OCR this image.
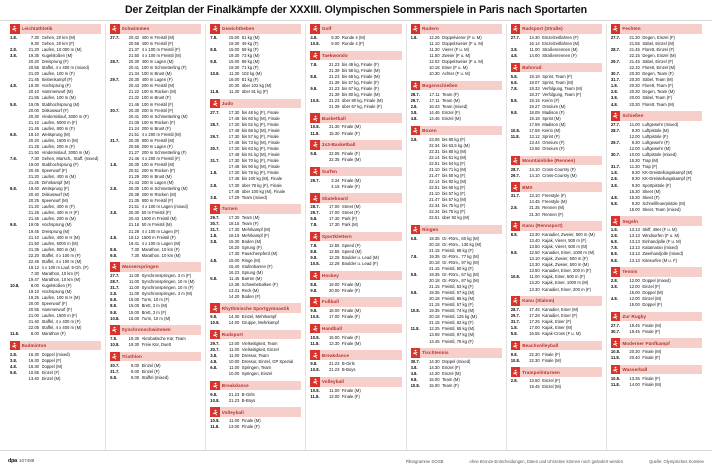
Der Zeitplan der Finalkämpfe der XXXIII. Olympischen Sommerspiele in Paris nach Sportarten
Leichtathletik
1.8.	7.30 Gehen, 20 km (M)
9.30 Gehen, 20 km (F)
2.8.	21.20 Laufen, 10 000 m (M)
3.8.	19.35 Kugelstoßen (M)
20.20 Dreisprung (F)
20.55 Staffel, 4 x 400 m (mixed)
21.20 Laufen, 100 m (F)
21.45 Siebenkampf (F)
4.8.	19.30 Hochsprung (F)
20.10 Hammerwurf (M)
21.55 Laufen, 100 m (M)
5.8.	19.05 Stabhochsprung (M)
20.00 Diskuswurf (F)
20.30 Hindernislauf, 3000 m (F)
21.10 Laufen, 5000 m (F)
21.45 Laufen, 800 m (F)
6.8.	19.10 Weitsprung (M)
20.20 Laufen, 1500 m (M)
21.25 Laufen, 200 m (F)
21.50 Hindernislauf, 3000 m (M)
7.8.	7.30 Gehen, Marsch., Staff. (mixed)
19.00 Stabhochsprung (F)
20.45 Speerwurf (F)
21.20 Laufen, 400 m (M)
21.45 Zehnkampf (M)
8.8.	19.40 Weitsprung (F)
20.40 Diskuswurf (M)
20.25 Speerwurf (M)
21.20 Laufen, 400 m (F)
21.25 Laufen, 400 m H (F)
21.45 Laufen, 200 m (M)
9.8.	19.05 Hochsprung (M)
19.45 Dreisprung (M)
21.10 Laufen, 400 m H (M)
21.50 Laufen, 5000 m (M)
21.35 Laufen, 800 m (M)
22.20 Staffel, 4 x 100 m (F)
22.45 Staffel, 4 x 100 m (M)
19.12 4 x 100 m Lauf, 5-Gh. (F)
7.30 Marathon, 10 km (F)
19.47 Marathon, 10 km (M)
10.8.	8.00 Kugelstoßen (F)
19.10 Hochsprung (M)
19.25 Laufen, 100 m H (M)
20.00 Speerwurf (F)
20.55 Hammerwurf (F)
21.00 Laufen, 1500 m (F)
21.40 Staffel, 4 x 400 m (F)
22.05 Staffel, 4 x 400 m (M)
11.8.	8.00 Marathon (F)
Badminton
2.8.	16.30 Doppel (mixed)
3.8.	16.30 Doppel (F)
4.8.	16.30 Doppel (M)
5.8.	10.55 Einzel (F)
13.40 Einzel (M)
Schwimmen
27.7.	20.42 400 m Freistil (M)
20.55 400 m Freistil (F)
21.37 4 x 100 m Freistil (F)
21.50 4 x 100 m Freistil (M)
28.7.	20.30 400 m Lagen (M)
20.41 100 m Schmetterling (F)
21.34 100 m Brust (M)
29.7.	20.30 400 m Lagen (F)
20.43 200 m Freistil (M)
21.22 100 m Rücken (M)
21.32 100 m Brust (F)
21.46 100 m Freistil (F)
30.7.	20.30 200 m Freistil (F)
20.41 200 m Schmetterling (M)
21.06 100 m Rücken (F)
21.24 200 m Brust (F)
21.51 4 x 200 m Freistil (M)
31.7.	20.30 800 m Freistil (M)
20.56 200 m Lagen (F)
21.27 200 m Schmetterling (F)
21.46 4 x 200 m Freistil (F)
1.8.	20.30 100 m Freistil (M)
20.51 200 m Rücken (F)
21.29 200 m Brust (M)
21.43 200 m Lagen (M)
2.8.	20.30 100 m Schmetterling (M)
20.39 200 m Rücken (M)
21.35 800 m Freistil (F)
21.51 4 x 100 m Lagen (mixed)
3.8.	20.30 50 m Freistil (F)
20.43 1500 m Freistil (M)
21.16 50 m Freistil (M)
21.28 4 x 100 m Lagen (F)
4.8.	19.12 1500 m Freistil (F)
19.41 4 x 100 m Lagen (M)
8.8.	7.30 Marathon, 10 km (F)
9.8.	7.30 Marathon, 10 km (M)
Wasserspringen
27.7.	11.00 Synchronspringen, 3 m (F)
28.7.	11.00 Synchronspringen, 10 m (M)
31.7.	11.00 Synchronspringen, 10 m (F)
2.8.	11.00 Synchronspringen, 3 m (M)
6.8.	15.00 Turm, 10 m (F)
8.8.	15.00 Brett, 3 m (M)
9.8.	15.00 Brett, 3 m (F)
10.8.	15.00 Turm, 10 m (M)
Synchronschwimmen
7.8.	19.30 Akrobatische Kür, Team
10.8.	19.30 Freie Kür, Duett
Triathlon
30.7.	8.00 Einzel (M)
31.7.	8.00 Einzel (F)
5.8.	8.00 Staffel (mixed)
Gewichtheben
7.8.	15.00 61 kg (M)
19.30 49 kg (F)
8.8.	15.00 59 kg (F)
19.30 73 kg (M)
9.8.	15.00 89 kg (M)
19.30 71 kg (F)
10.8.	11.30 102 kg (M)
16.00 81 kg (F)
20.30 über 102 kg (M)
11.8.	11.30 über 81 kg (F)
Judo
27.7.	17.30 bis 48 kg (F), Finale
17.48 bis 60 kg (M), Finale
28.7.	17.30 bis 52 kg (F), Finale
17.48 bis 66 kg (M), Finale
29.7.	17.30 bis 57 kg (F), Finale
17.48 bis 73 kg (M), Finale
30.7.	17.30 bis 63 kg (F), Finale
17.48 bis 81 kg (M), Finale
31.7.	17.30 bis 70 kg (F), Finale
17.48 bis 90 kg (M), Finale
1.8.	17.30 bis 78 kg (F), Finale
17.48 bis 100 kg (M), Finale
2.8.	17.30 über 78 kg (F), Finale
17.48 über 100 kg (M), Finale
3.8.	17.29 Team (mixed)
Turnen
29.7.	17.30 Team (M)
30.7.	18.15 Team (F)
31.7.	17.30 Mehrkampf (M)
1.8.	18.15 Mehrkampf (F)
3.8.	15.30 Boden (M)
16.20 Sprung (F)
17.30 Pauschenpferd (M)
4.8.	15.00 Ringe (M)
15.40 Stufenbarren (F)
16.23 Sprung (M)
5.8.	11.45 Barren (M)
12.36 Schwebebalken (F)
13.31 Reck (M)
14.20 Boden (F)
Rhythmische Sportgymnastik
9.8.	14.30 Einzel, Mehrkampf
10.8.	14.00 Gruppe, Mehrkampf
Rudsport
29.7.	13.00 Vielseitigkeit, Team
30.7.	11.00 Vielseitigkeit, Einzel
3.8.	11.00 Dressur, Team
4.8.	10.00 Dressur, Einzel, GP Spezial
6.8.	11.00 Springen, Team
10.00 Springen, Einzel
Breakdance
9.8.	21.23 B-Girls
10.8.	21.23 B-Boys
Volleyball
10.8.	11.00 Finale (M)
11.8.	13.00 Finale (F)
Golf
4.8.	9.30 Runde 4 (M)
10.8.	9.00 Runde 4 (F)
Taekwondo
7.8.	21.23 bis 49 kg, Finale (F)
21.39 bis 58 kg, Finale (M)
8.8.	21.23 bis 68 kg, Finale (M)
21.39 bis 57 kg, Finale (F)
9.8.	21.23 bis 67 kg, Finale (F)
21.39 bis 80 kg, Finale (M)
10.8.	21.23 über 80 kg, Finale (M)
21.39 über 67 kg, Finale (F)
Basketball
10.8.	21.30 Finale (M)
11.8.	15.30 Finale (F)
3x3-Basketball
5.8.	22.05 Finale (F)
22.35 Finale (M)
Surfen
29.7.	3.34 Finale (M)
4.15 Finale (F)
Skateboard
28.7.	17.00 Street (M)
29.7.	17.00 Street (F)
6.8.	17.30 Park (F)
7.8.	17.30 Park (M)
Sportklettern
7.8.	12.55 Speed (F)
8.8.	12.55 Speed (M)
9.8.	12.28 Boulder u. Lead (M)
10.8.	12.28 Boulder u. Lead (F)
Hockey
8.8.	19.00 Finale (M)
9.8.	20.00 Finale (F)
Fußball
9.8.	18.00 Finale (M)
10.8.	17.00 Finale (F)
Handball
10.8.	15.00 Finale (F)
11.8.	13.30 Finale (M)
Breakdance
9.8.	21.23 B-Girls
10.8.	21.23 B-Boys
Volleyball
10.8.	11.00 Finale (M)
11.8.	13.00 Finale (F)
Rudern
1.8.	12.26 Doppelvierer (F u. M)
11.10 Doppelzweier (F u. M)
11.30 Vierer (F u. M)
11.50 Zweier (F u. M)
12.02 Doppelzweier (F u. M)
10.18 Einer (F u. M)
10.30 Achter (F u. M)
Bogenschießen
28.7.	17.11 Team (F)
29.7.	17.11 Team (M)
2.8.	16.43 Team (mixed)
3.8.	14.46 Einzel (F)
4.8.	14.46 Einzel (M)
Boxen
3.8.	23.06 bis 80 kg (F)
22.34 bis 63,5 kg (M)
22.31 bis 80 kg (M)
22.14 bis 51 kg (M)
22.51 bis 54 kg (F)
21.10 bis 71 kg (M)
21.47 bis 50 kg (F)
22.14 bis 92 kg (M)
22.51 bis 60 kg (F)
21.10 bis 57 kg (F)
21.47 bis 57 kg (M)
22.34 bis 75 kg (F)
22.34 bis 75 kg (F)
22.51 über 92 kg (M)
Ringen
6.8.	19.35 Gr.-Röm., 60 kg (M)
20.18 Gr.-Röm., 130 kg (M)
21.15 Freistil, 68 kg (F)
7.8.	19.35 Gr.-Röm., 77 kg (M)
20.18 Gr.-Röm., 97 kg (M)
21.15 Freistil, 50 kg (F)
8.8.	19.35 Gr.-Röm., 67 kg (M)
20.18 Gr.-Röm., 87 kg (M)
21.15 Freistil, 53 kg (F)
9.8.	19.35 Freistil, 57 kg (M)
20.18 Freistil, 86 kg (M)
21.15 Freistil, 57 kg (F)
10.8.	19.35 Freistil, 74 kg (M)
20.18 Freistil, 125 kg (M)
21.15 Freistil, 62 kg (F)
11.8.	12.25 Freistil, 65 kg (M)
13.08 Freistil, 97 kg (M)
13.45 Freistil, 76 kg (F)
Tischtennis
30.7.	14.30 Doppel (mixed)
3.8.	14.30 Einzel (F)
4.8.	14.30 Einzel (M)
9.8.	15.00 Team (M)
10.8.	15.00 Team (F)
Radsport (Straße)
27.7.	14.30 Einzelzeitfahren (F)
16.14 Einzelzeitfahren (M)
3.8.	11.00 Straßenrennen (M)
4.8.	14.00 Straßenrennen (F)
Bahnrad
5.8.	19.18 Sprint, Team (F)
6.8.	18.07 Sprint, Team (M)
7.8.	18.33 Verfolgung, Team (M)
18.37 Verfolgung, Team (F)
8.8.	19.15 Keirin (F)
19.27 Omnium (M)
9.8.	18.09 Madison (F)
19.18 Sprint (M)
17.59 Madison (M)
10.8.	17.59 Keirin (M)
11.8.	13.12 Sprint (F)
13.44 Omnium (F)
13.56 Omnium (F)
Mountainbike (Rennen)
28.7.	14.10 Cross-Country (F)
29.7.	14.10 Cross-Country (M)
BMX
31.7.	13.10 Freestyle (F)
14.45 Freestyle (M)
2.8.	21.35 Rennen (M)
21.30 Rennen (F)
Kanu (Rennsport)
8.8.	13.30 Kanadier, Zweier, 500 m (M)
13.40 Kajak, Vierer, 500 m (F)
13.50 Kajak, Vierer, 500 m (M)
9.8.	12.50 Kanadier, Einer, 1000 m (M)
13.10 Kajak, Zweier, 500 m (F)
13.30 Kajak, Zweier, 500 m (M)
13.50 Kanadier, Einer, 200 m (F)
10.8.	11.00 Kajak, Einer, 500 m (F)
13.20 Kajak, Einer, 1000 m (M)
13.30 Kanadier, Einer, 200 m (F)
Kanu (Slalom)
28.7.	17.45 Kanadier, Einer (M)
29.7.	17.28 Kanadier, Einer (F)
31.7.	17.25 Kajak, Einer (F)
1.8.	17.00 Kajak, Einer (M)
5.8.	16.55 Kajak-Cross (F u. M)
Beachvolleyball
9.8.	22.30 Finale (F)
10.8.	22.30 Finale (M)
Trampolinturnen
2.8.	13.50 Einzel (F)
19.45 Einzel (M)
Fechten
27.7.	21.30 Degen, Einzel (F)
21.55 Säbel, Einzel (M)
28.7.	21.45 Florett, Einzel (F)
22.15 Degen, Einzel (M)
29.7.	21.45 Säbel, Einzel (F)
22.10 Florett, Einzel (M)
30.7.	20.30 Degen, Team (F)
31.7.	20.30 Säbel, Team (M)
1.8.	20.30 Florett, Team (F)
2.8.	20.30 Degen, Team (M)
3.8.	20.00 Säbel, Team (F)
4.8.	20.30 Florett, Team (M)
Schießen
27.7.	11.00 Luftgewehr (mixed)
28.7.	9.30 Luftpistole (M)
12.00 Luftpistole (F)
29.7.	9.30 Luftgewehr (F)
12.00 Luftgewehr (M)
30.7.	10.00 Luftpistole (mixed)
15.30 Trap (M)
31.7.	11.30 Trap (F)
1.8.	9.30 KK-Dreistellungskampf (M)
2.8.	9.30 KK-Dreistellungskampf (F)
3.8.	9.30 Sportpistole (F)
15.30 Skeet (M)
4.8.	15.30 Skeet (F)
5.8.	9.30 Schnellfeuerpistole (M)
15.00 Skeet, Team (mixed)
Segeln
1.8.	13.13 Skiff, 49er (F u. M)
2.8.	13.13 Windsurfen (F u. M)
6.8.	13.13 Einhandjolle (F u. M)
7.8.	13.13 Katamaran (mixed)
8.8.	13.13 Zweihandjolle (mixed)
9.8.	13.13 Kitesurfen (M u. F)
Tennis
2.8.	12.00 Doppel (mixed)
3.8.	12.00 Einzel (F)
15.00 Doppel (M)
4.8.	12.00 Einzel (M)
15.00 Doppel (F)
Zur Rugby
27.7.	19.45 Finale (M)
30.7.	19.45 Finale (F)
Moderner Fünfkampf
10.8.	20.30 Finale (M)
11.8.	20.40 Finale (F)
Wasserball
10.8.	13.35 Finale (F)
11.8.	14.00 Finale (M)
dpa 107489	Piktogramme DOSB	ohne Bronze-Entscheidungen, Daten und Uhrzeiten können noch geändert werden	Quelle: Olympisches Komitee
